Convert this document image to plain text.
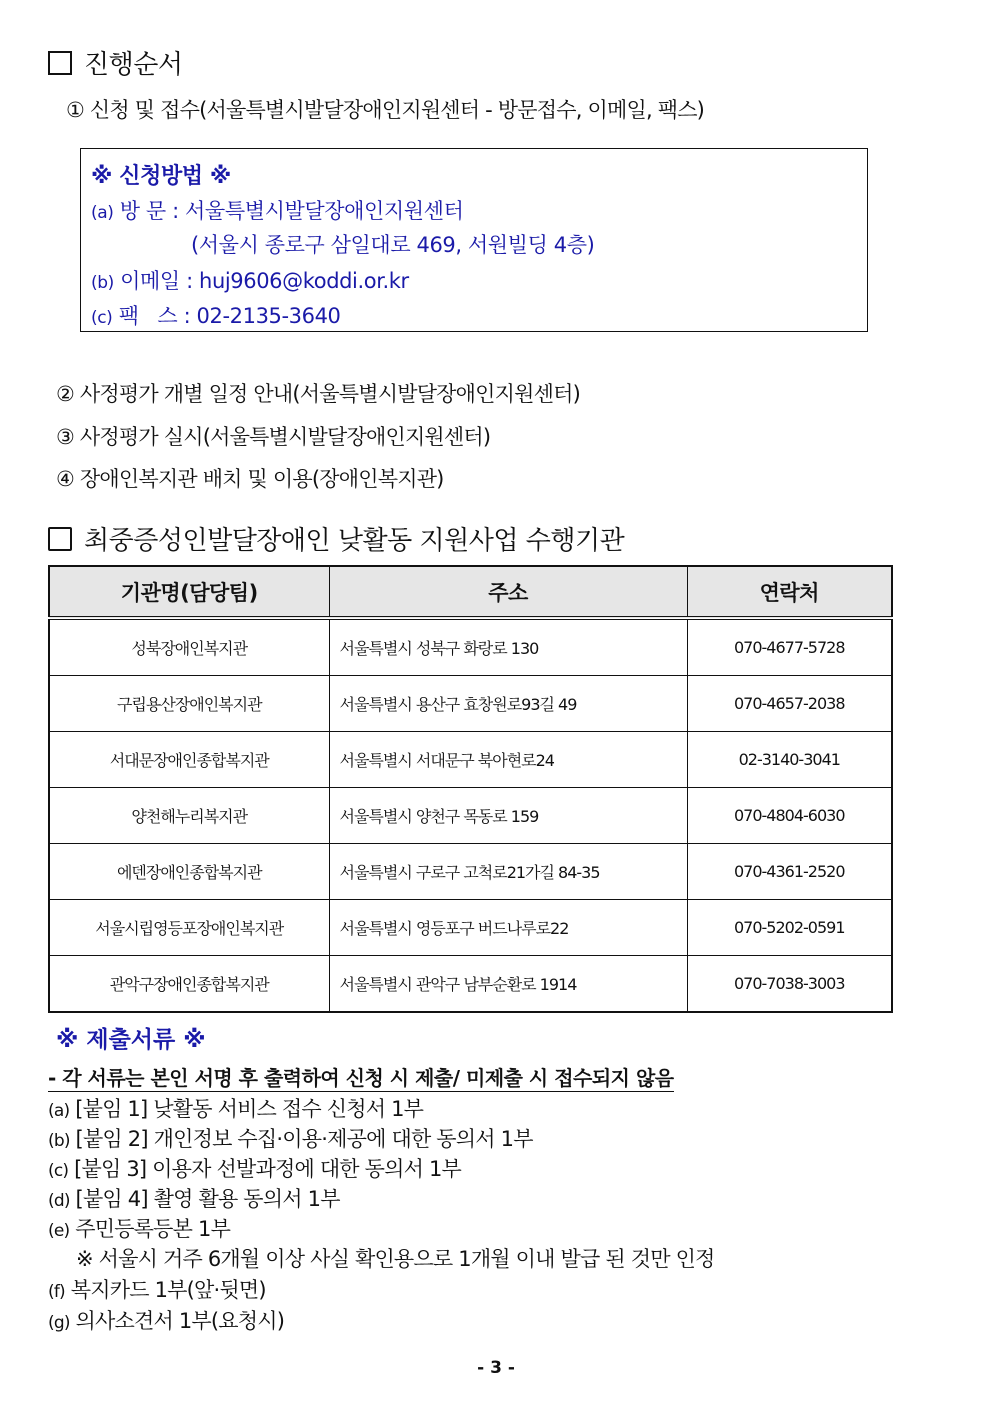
진행순서
① 신청 및 접수(서울특별시발달장애인지원센터 - 방문접수, 이메일, 팩스)
※ 신청방법 ※
(a) 방 문 : 서울특별시발달장애인지원센터
(서울시 종로구 삼일대로 469, 서원빌딩 4층)
(b) 이메일 : huj9606@koddi.or.kr
(c) 팩   스 : 02-2135-3640
② 사정평가 개별 일정 안내(서울특별시발달장애인지원센터)
③ 사정평가 실시(서울특별시발달장애인지원센터)
④ 장애인복지관 배치 및 이용(장애인복지관)
최중증성인발달장애인 낮활동 지원사업 수행기관
기관명(담당팀)	주소	연락처
성북장애인복지관	서울특별시 성북구 화랑로 130	070-4677-5728
구립용산장애인복지관	서울특별시 용산구 효창원로93길 49	070-4657-2038
서대문장애인종합복지관	서울특별시 서대문구 북아현로24	02-3140-3041
양천해누리복지관	서울특별시 양천구 목동로 159	070-4804-6030
에덴장애인종합복지관	서울특별시 구로구 고척로21가길 84-35	070-4361-2520
서울시립영등포장애인복지관	서울특별시 영등포구 버드나루로22	070-5202-0591
관악구장애인종합복지관	서울특별시 관악구 남부순환로 1914	070-7038-3003
※ 제출서류 ※
- 각 서류는 본인 서명 후 출력하여 신청 시 제출/ 미제출 시 접수되지 않음
(a) [붙임 1] 낮활동 서비스 접수 신청서 1부
(b) [붙임 2] 개인정보 수집·이용·제공에 대한 동의서 1부
(c) [붙임 3] 이용자 선발과정에 대한 동의서 1부
(d) [붙임 4] 촬영 활용 동의서 1부
(e) 주민등록등본 1부
※ 서울시 거주 6개월 이상 사실 확인용으로 1개월 이내 발급 된 것만 인정
(f) 복지카드 1부(앞·뒷면)
(g) 의사소견서 1부(요청시)
- 3 -
